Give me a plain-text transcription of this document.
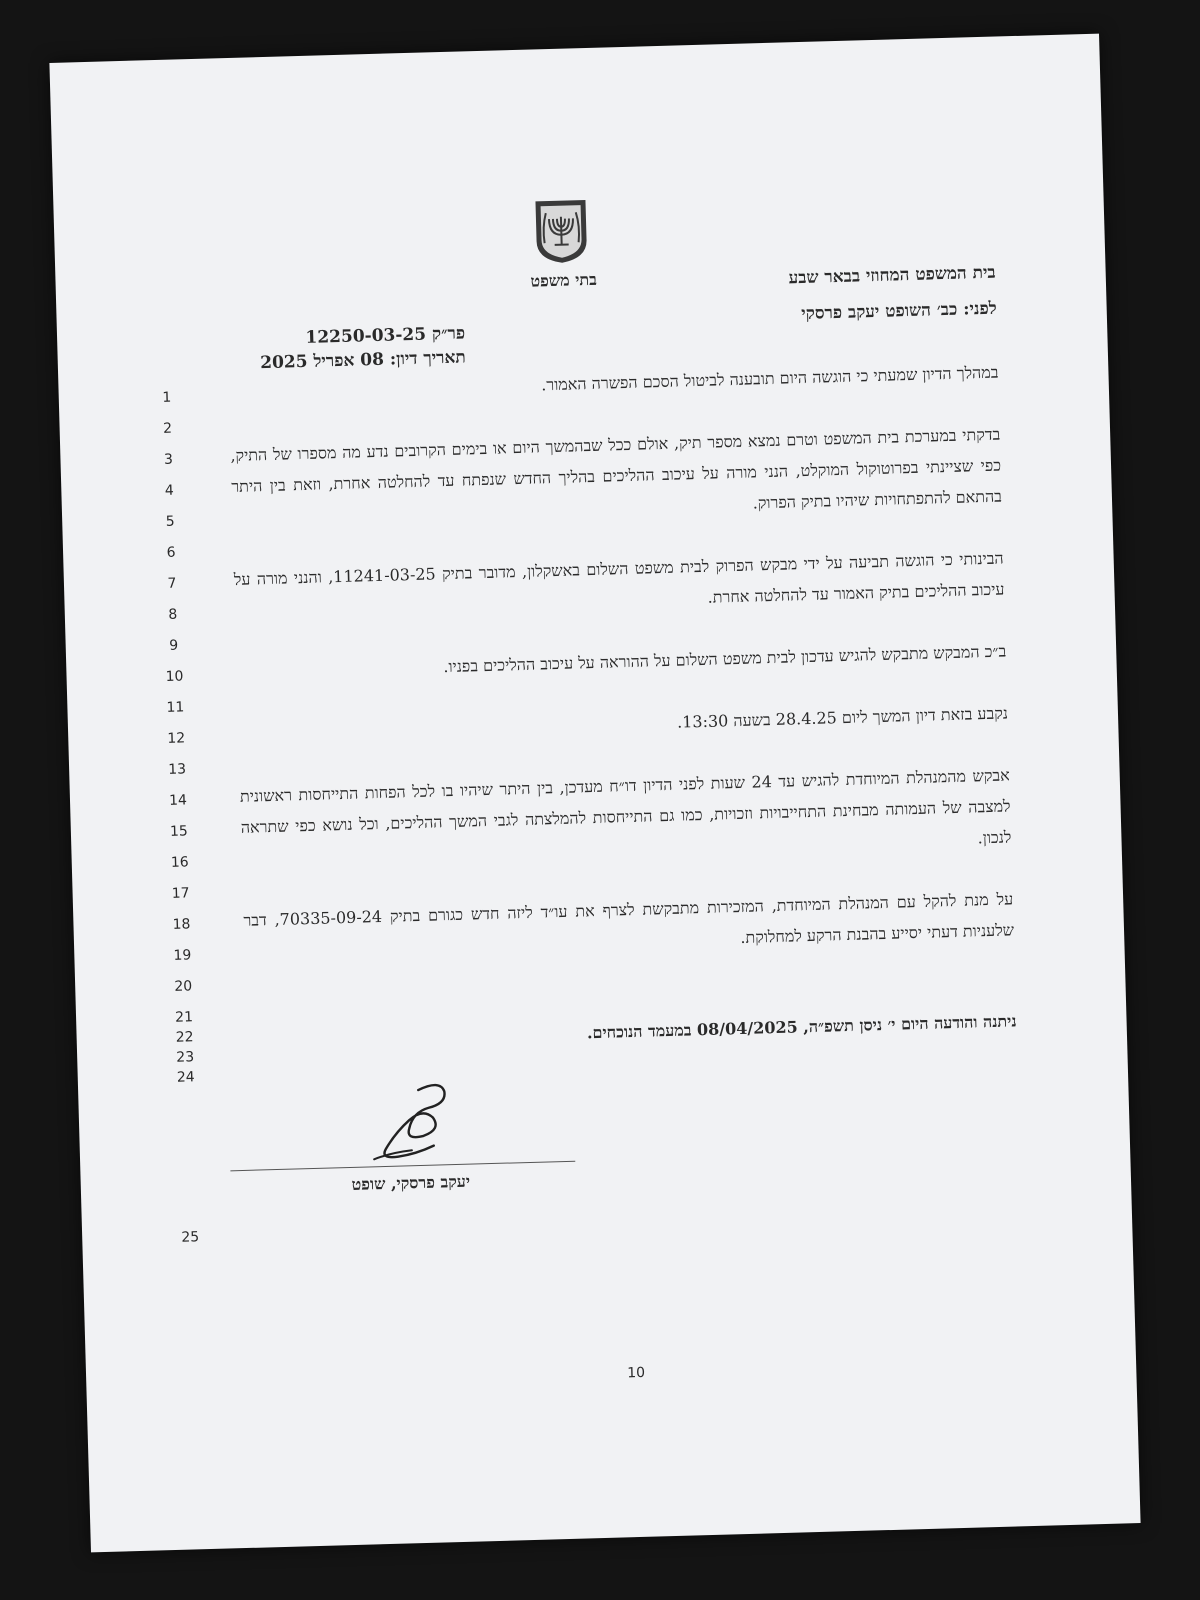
בתי משפט	בית המשפט המחוזי בבאר שבע
לפני: כב׳ השופט יעקב פרסקי
פר״ק 12250-03-25
תאריך דיון: 08 אפריל 2025
1
2
3
4
5
6
7
8
9
10
11
12
13
14
15
16
17
18
19
20
21
22
23
24
25

במהלך הדיון שמעתי כי הוגשה היום תובענה לביטול הסכם הפשרה האמור.

בדקתי במערכת בית המשפט וטרם נמצא מספר תיק, אולם ככל שבהמשך היום או בימים הקרובים נדע מה מספרו של התיק, כפי שציינתי בפרוטוקול המוקלט, הנני מורה על עיכוב ההליכים בהליך החדש שנפתח עד להחלטה אחרת, וזאת בין היתר בהתאם להתפתחויות שיהיו בתיק הפרוק.

הבינותי כי הוגשה תביעה על ידי מבקש הפרוק לבית משפט השלום באשקלון, מדובר בתיק 11241-03-25, והנני מורה על עיכוב ההליכים בתיק האמור עד להחלטה אחרת.

ב״כ המבקש מתבקש להגיש עדכון לבית משפט השלום על ההוראה על עיכוב ההליכים בפניו.

נקבע בזאת דיון המשך ליום 28.4.25 בשעה 13:30.

אבקש מהמנהלת המיוחדת להגיש עד 24 שעות לפני הדיון דו״ח מעדכן, בין היתר שיהיו בו לכל הפחות התייחסות ראשונית למצבה של העמותה מבחינת התחייבויות וזכויות, כמו גם התייחסות להמלצתה לגבי המשך ההליכים, וכל נושא כפי שתראה לנכון.

על מנת להקל עם המנהלת המיוחדת, המזכירות מתבקשת לצרף את עו״ד ליזה חדש כגורם בתיק 70335-09-24, דבר שלעניות דעתי יסייע בהבנת הרקע למחלוקת.

ניתנה והודעה היום י׳ ניסן תשפ״ה, 08/04/2025 במעמד הנוכחים.
יעקב פרסקי, שופט
10
